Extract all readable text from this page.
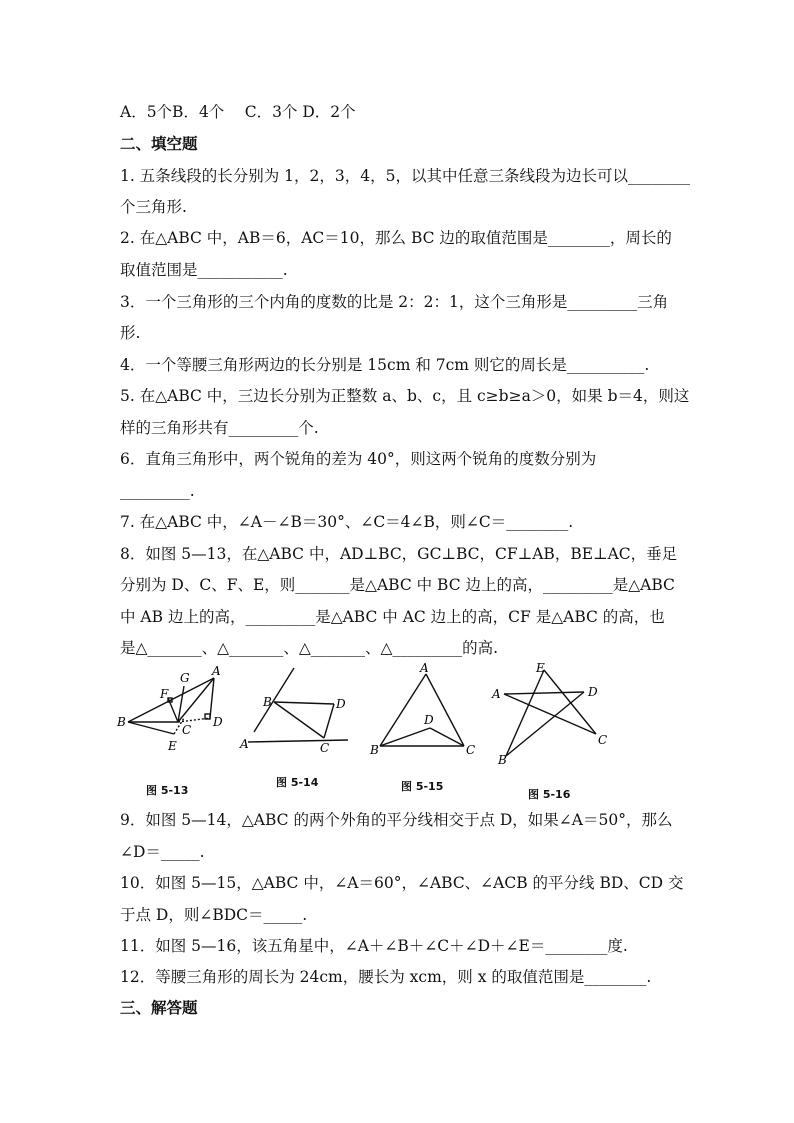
A．5个B．4个　 C．3个 D．2个
二、填空题
1. 五条线段的长分别为 1，2，3，4，5，以其中任意三条线段为边长可以________
个三角形.
2. 在△ABC 中，AB＝6，AC＝10，那么 BC 边的取值范围是________，周长的
取值范围是___________.
3．一个三角形的三个内角的度数的比是 2：2：1，这个三角形是_________三角
形.
4．一个等腰三角形两边的长分别是 15cm 和 7cm 则它的周长是__________.
5. 在△ABC 中，三边长分别为正整数 a、b、c，且 c≥b≥a＞0，如果 b＝4，则这
样的三角形共有_________个.
6．直角三角形中，两个锐角的差为 40°，则这两个锐角的度数分别为
_________.
7. 在△ABC 中，∠A－∠B＝30°、∠C＝4∠B，则∠C＝________.
8．如图 5—13，在△ABC 中，AD⊥BC，GC⊥BC，CF⊥AB，BE⊥AC，垂足
分别为 D、C、F、E，则_______是△ABC 中 BC 边上的高，_________是△ABC
中 AB 边上的高，_________是△ABC 中 AC 边上的高，CF 是△ABC 的高，也
是△_______、△_______、△_______、△_________的高.
A
B
C
D
E
F
G
图 5-13
A
B
C
D
图 5-14
A
B	C
D
图 5-15
A
B
C
D
E
图 5-16
9．如图 5—14，△ABC 的两个外角的平分线相交于点 D，如果∠A＝50°，那么
∠D＝_____.
10．如图 5—15，△ABC 中，∠A＝60°，∠ABC、∠ACB 的平分线 BD、CD 交
于点 D，则∠BDC＝_____.
11．如图 5—16，该五角星中，∠A＋∠B＋∠C＋∠D＋∠E＝________度.
12．等腰三角形的周长为 24cm，腰长为 xcm，则 x 的取值范围是________.
三、解答题
